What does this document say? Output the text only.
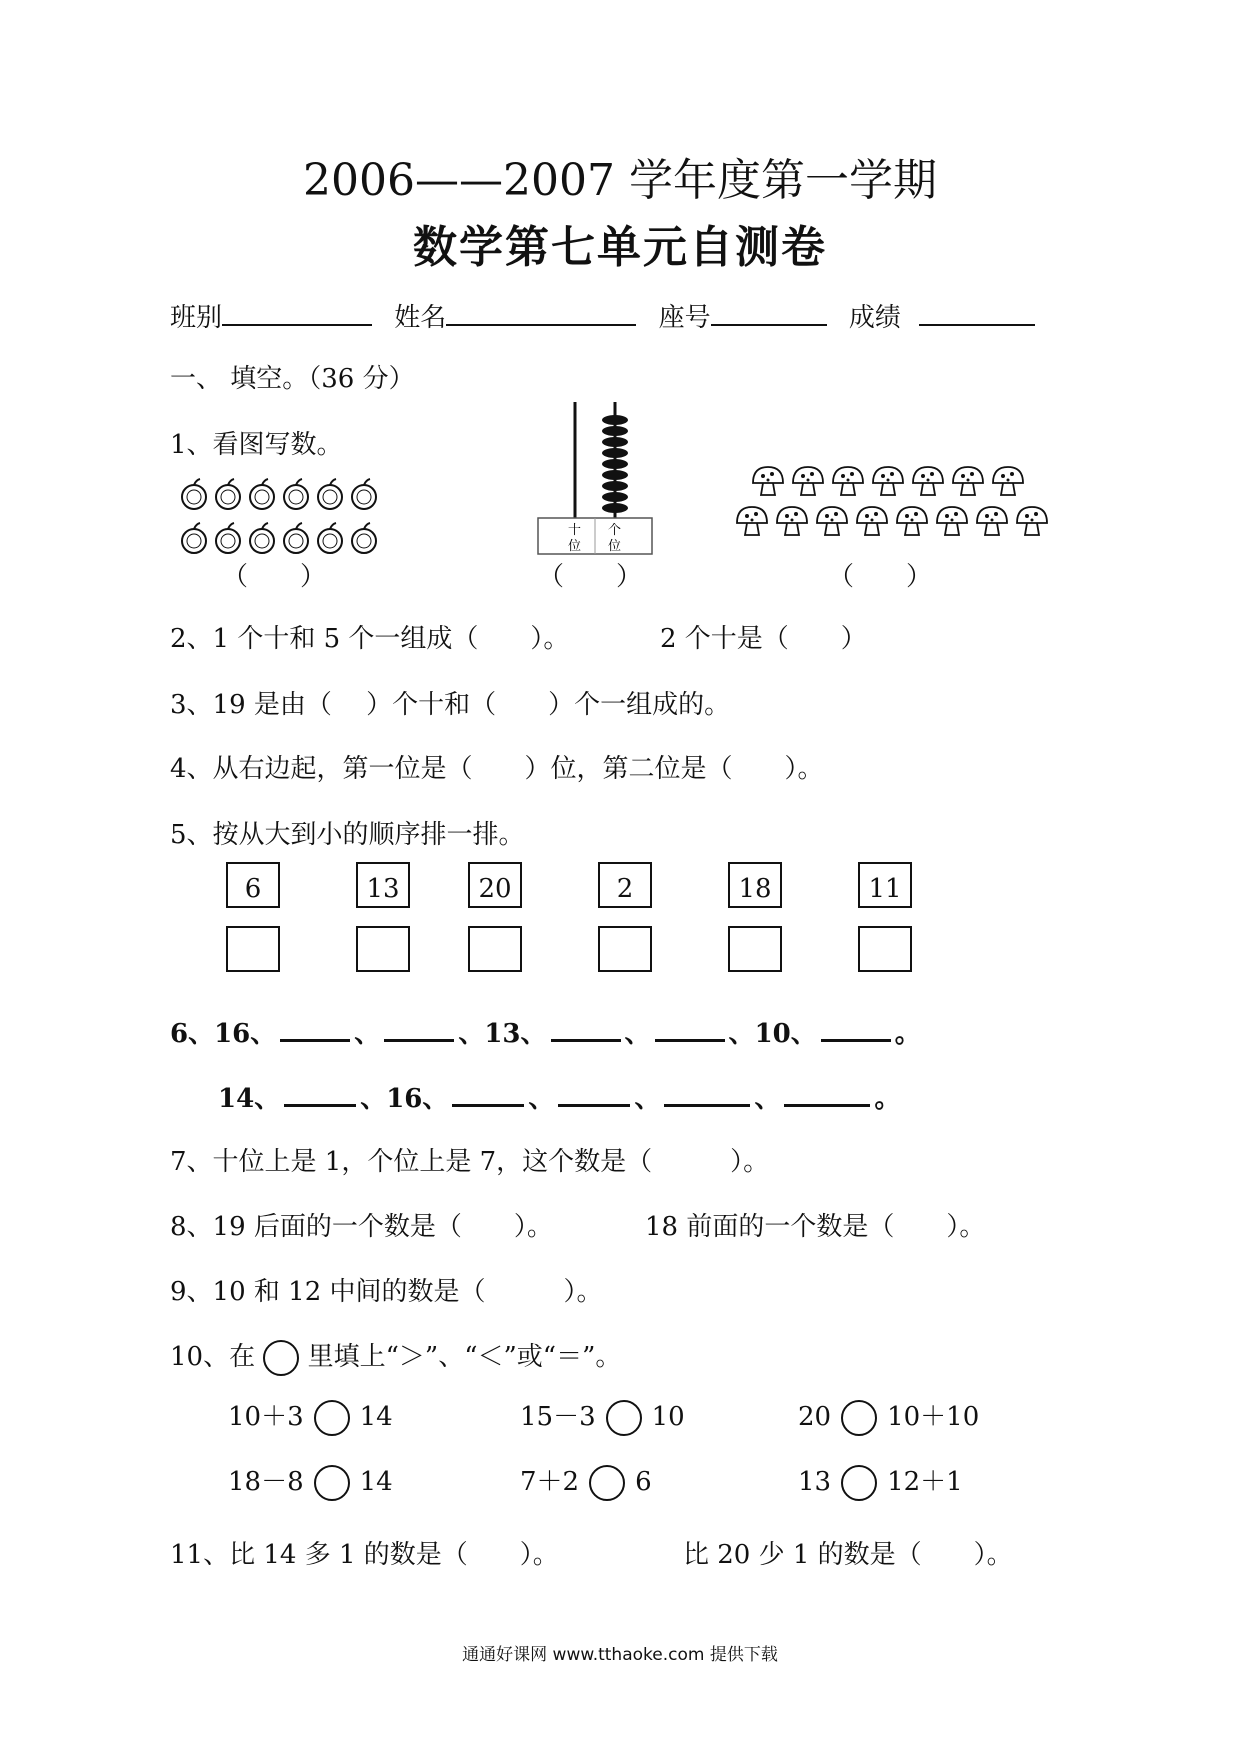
2006——2007 学年度第一学期
数学第七单元自测卷
班别	姓名	座号	成绩
一、 填空。（36 分）
1、看图写数。
十 个
位 位
（　　）	（　　）	（　　）
2、1 个十和 5 个一组成（　　）。	2 个十是（　　）
3、19 是由（　 ）个十和（　　）个一组成的。
4、从右边起，第一位是（　　）位，第二位是（　　）。
5、按从大到小的顺序排一排。
6	13	20	2	18	11
6、16、	、	、13、	、	、10、	。
14、	、16、	、	、	、	。
7、十位上是 1，个位上是 7，这个数是（　　　）。
8、19 后面的一个数是（　　）。	18 前面的一个数是（　　）。
9、10 和 12 中间的数是（　　　）。
10、在 里填上“＞”、“＜”或“＝”。
10＋3 14	15－3 10	20 10＋10
18－8 14	7＋2 6	13 12＋1
11、比 14 多 1 的数是（　　）。	比 20 少 1 的数是（　　）。
通通好课网 www.tthaoke.com 提供下载
